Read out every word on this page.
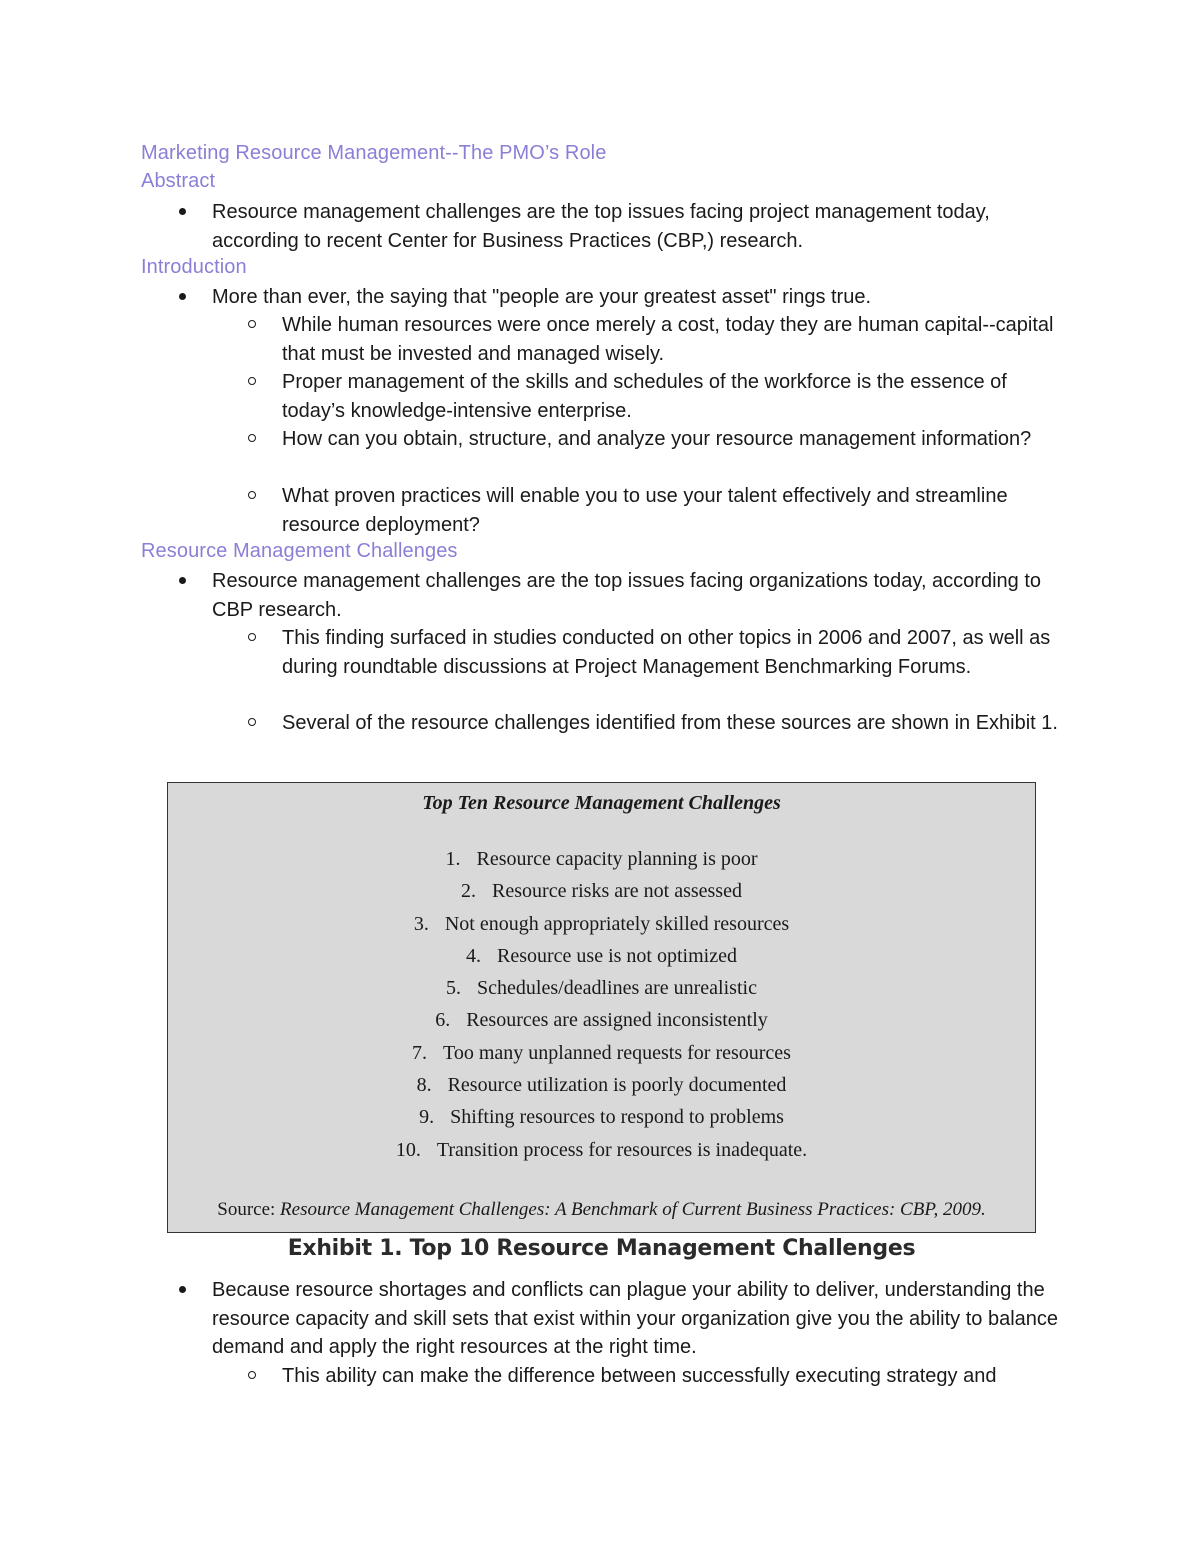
Marketing Resource Management--The PMO’s Role
Abstract
Resource management challenges are the top issues facing project management today, according to recent Center for Business Practices (CBP,) research.
Introduction
More than ever, the saying that "people are your greatest asset" rings true.
While human resources were once merely a cost, today they are human capital--capital that must be invested and managed wisely.
Proper management of the skills and schedules of the workforce is the essence of today’s knowledge-intensive enterprise.
How can you obtain, structure, and analyze your resource management information?
What proven practices will enable you to use your talent effectively and streamline resource deployment?
Resource Management Challenges
Resource management challenges are the top issues facing organizations today, according to CBP research.
This finding surfaced in studies conducted on other topics in 2006 and 2007, as well as during roundtable discussions at Project Management Benchmarking Forums.
Several of the resource challenges identified from these sources are shown in Exhibit 1.
Top Ten Resource Management Challenges
1. Resource capacity planning is poor
2. Resource risks are not assessed
3. Not enough appropriately skilled resources
4. Resource use is not optimized
5. Schedules/deadlines are unrealistic
6. Resources are assigned inconsistently
7. Too many unplanned requests for resources
8. Resource utilization is poorly documented
9. Shifting resources to respond to problems
10. Transition process for resources is inadequate.
Source: Resource Management Challenges: A Benchmark of Current Business Practices: CBP, 2009.
Exhibit 1. Top 10 Resource Management Challenges
Because resource shortages and conflicts can plague your ability to deliver, understanding the resource capacity and skill sets that exist within your organization give you the ability to balance demand and apply the right resources at the right time.
This ability can make the difference between successfully executing strategy and
